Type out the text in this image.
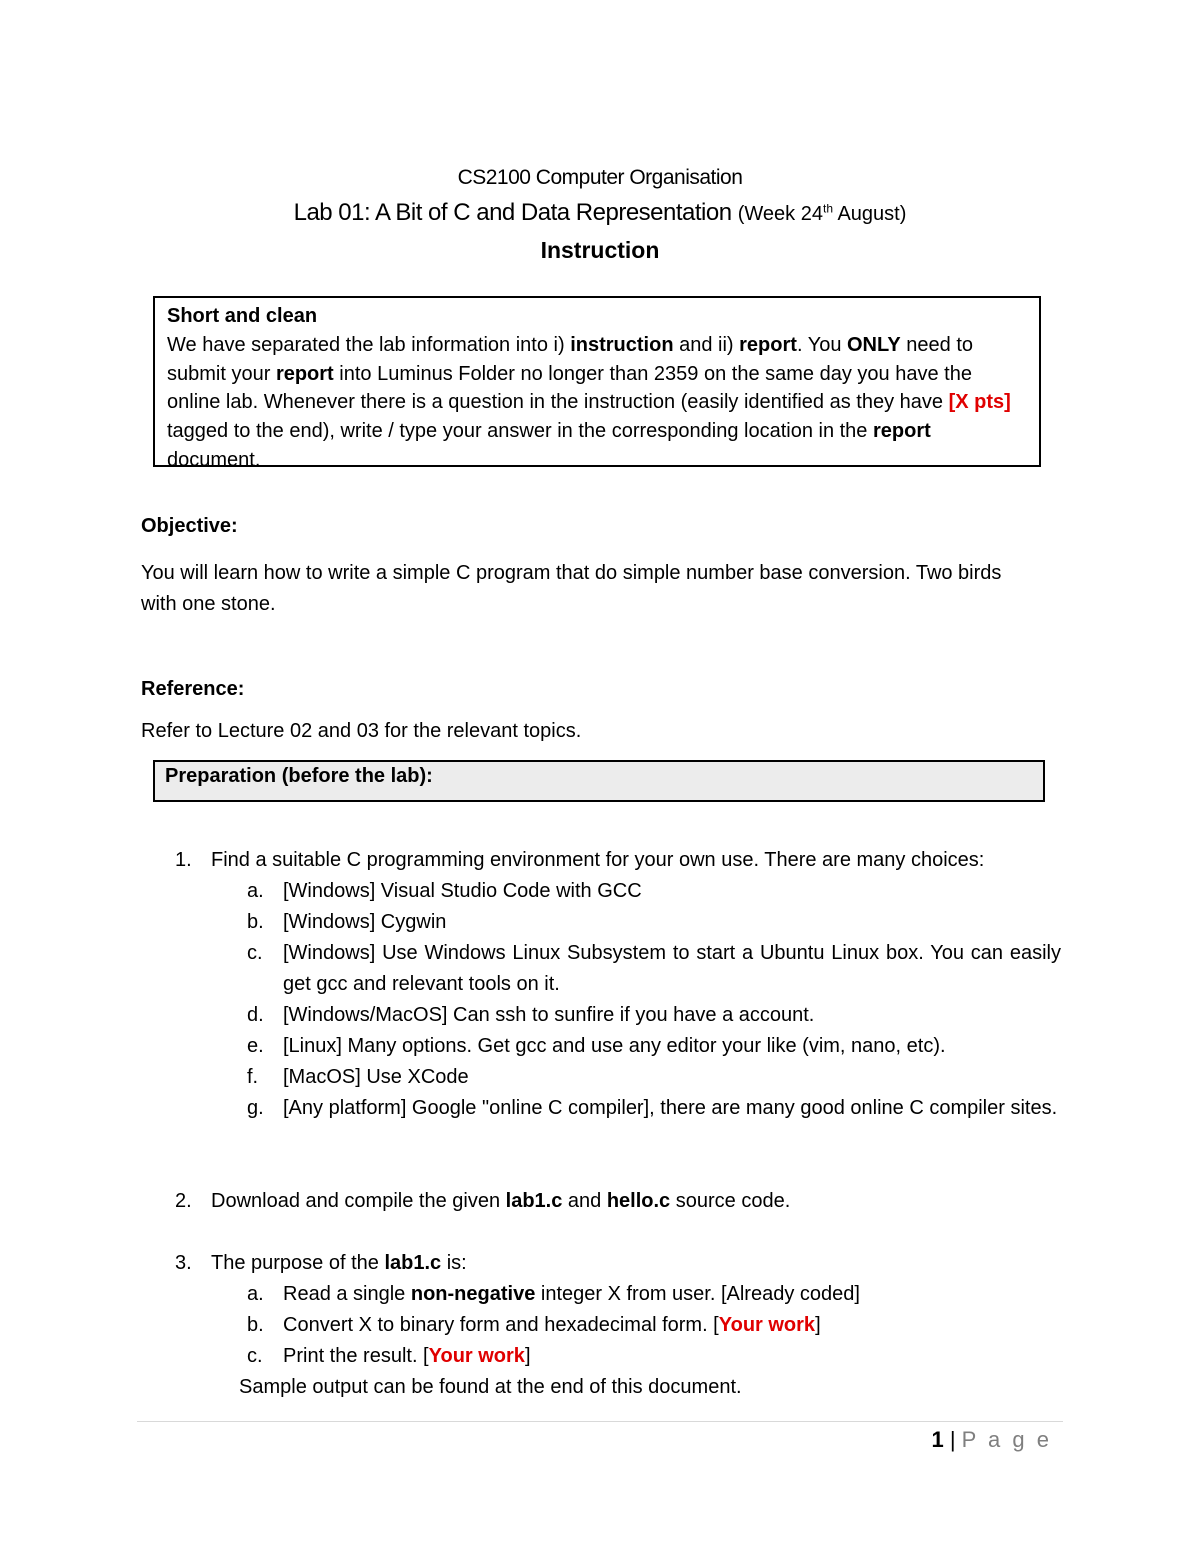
CS2100 Computer Organisation
Lab 01: A Bit of C and Data Representation (Week 24th August)
Instruction
Short and clean
We have separated the lab information into i) instruction and ii) report. You ONLY need to submit your report into Luminus Folder no longer than 2359 on the same day you have the online lab. Whenever there is a question in the instruction (easily identified as they have [X pts] tagged to the end), write / type your answer in the corresponding location in the report document.
Objective:
You will learn how to write a simple C program that do simple number base conversion. Two birds
with one stone.
Reference:
Refer to Lecture 02 and 03 for the relevant topics.
Preparation (before the lab):
1. Find a suitable C programming environment for your own use. There are many choices:
a. [Windows] Visual Studio Code with GCC
b. [Windows] Cygwin
c.	[Windows] Use Windows Linux Subsystem to start a Ubuntu Linux box. You can easily get gcc and relevant tools on it.
d. [Windows/MacOS] Can ssh to sunfire if you have a account.
e. [Linux] Many options. Get gcc and use any editor your like (vim, nano, etc).
f.	[MacOS] Use XCode
g. [Any platform] Google "online C compiler], there are many good online C compiler sites.
2. Download and compile the given lab1.c and hello.c source code.
3. The purpose of the lab1.c is:
a. Read a single non-negative integer X from user. [Already coded]
b. Convert X to binary form and hexadecimal form. [Your work]
c.	Print the result. [Your work]
Sample output can be found at the end of this document.
1 | P a g e
